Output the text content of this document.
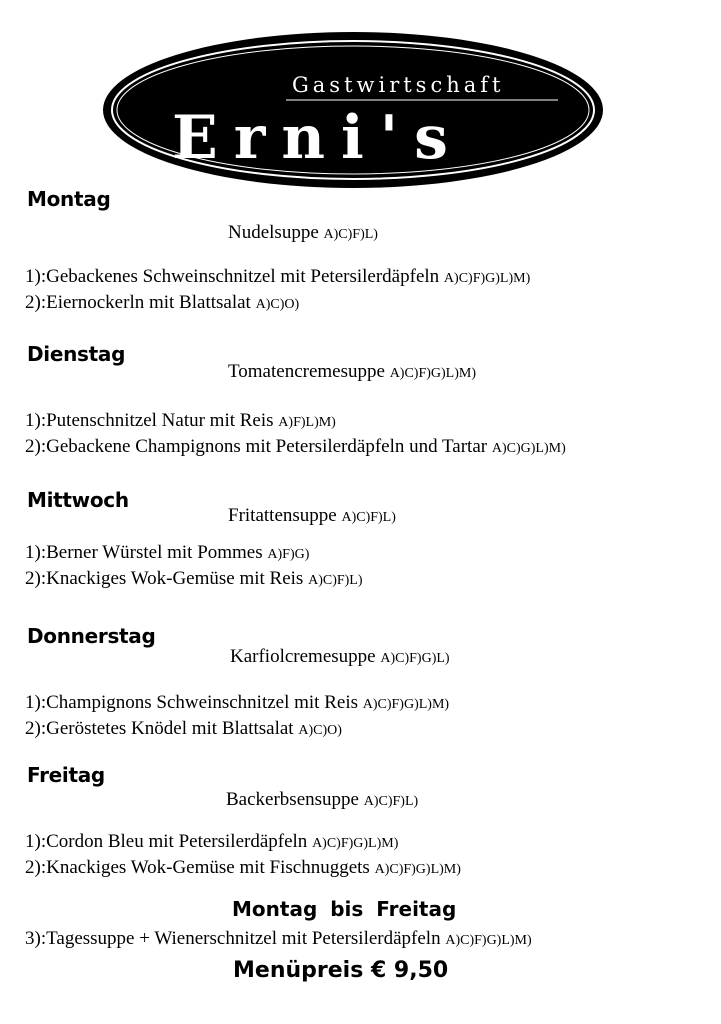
Gastwirtschaft
Erni's
Montag
Nudelsuppe A)C)F)L)
1):Gebackenes Schweinschnitzel mit Petersilerdäpfeln A)C)F)G)L)M)
2):Eiernockerln mit Blattsalat A)C)O)
Dienstag
Tomatencremesuppe A)C)F)G)L)M)
1):Putenschnitzel Natur mit Reis A)F)L)M)
2):Gebackene Champignons mit Petersilerdäpfeln und Tartar A)C)G)L)M)
Mittwoch
Fritattensuppe A)C)F)L)
1):Berner Würstel mit Pommes A)F)G)
2):Knackiges Wok-Gemüse mit Reis A)C)F)L)
Donnerstag
Karfiolcremesuppe A)C)F)G)L)
1):Champignons Schweinschnitzel mit Reis A)C)F)G)L)M)
2):Geröstetes Knödel mit Blattsalat A)C)O)
Freitag
Backerbsensuppe A)C)F)L)
1):Cordon Bleu mit Petersilerdäpfeln A)C)F)G)L)M)
2):Knackiges Wok-Gemüse mit Fischnuggets A)C)F)G)L)M)
Montag bis Freitag
3):Tagessuppe + Wienerschnitzel mit Petersilerdäpfeln A)C)F)G)L)M)
Menüpreis € 9,50
